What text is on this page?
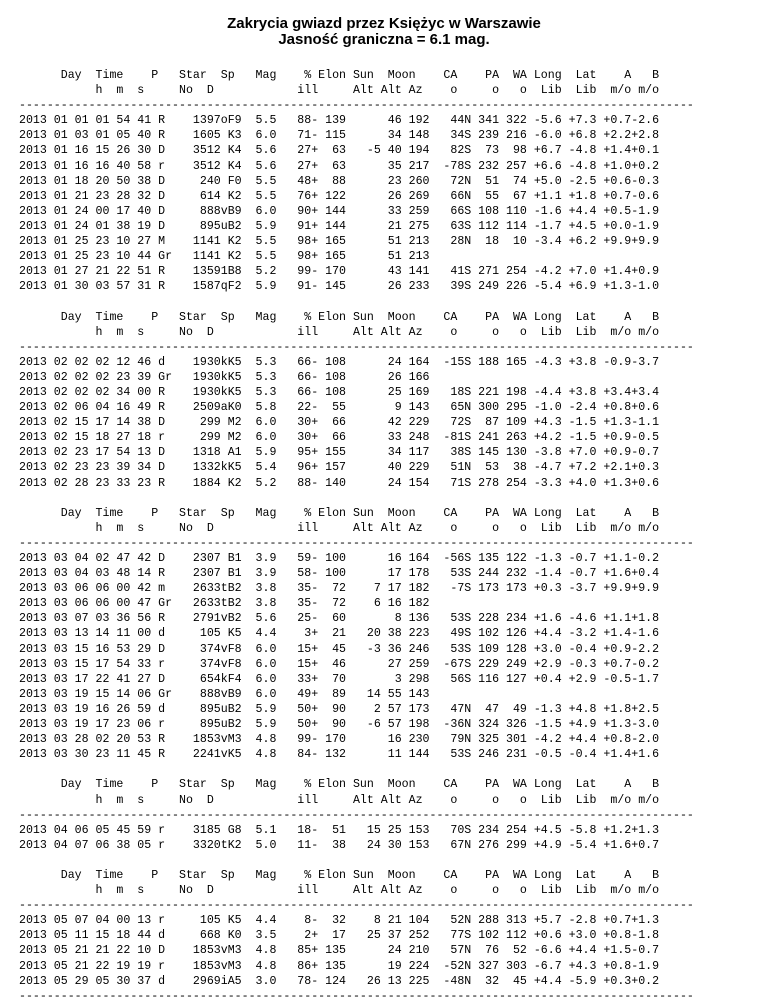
Zakrycia gwiazd przez Księżyc w Warszawie
Jasność graniczna = 6.1 mag.
Day  Time    P   Star  Sp   Mag    % Elon Sun  Moon    CA    PA  WA Long  Lat    A   B
h  m  s     No  D            ill     Alt Alt Az    o     o   o  Lib  Lib  m/o m/o
-------------------------------------------------------------------------------------------------
2013 01 01 01 54 41 R    1397oF9  5.5   88- 139      46 192   44N 341 322 -5.6 +7.3 +0.7-2.6
2013 01 03 01 05 40 R    1605 K3  6.0   71- 115      34 148   34S 239 216 -6.0 +6.8 +2.2+2.8
2013 01 16 15 26 30 D    3512 K4  5.6   27+  63   -5 40 194   82S  73  98 +6.7 -4.8 +1.4+0.1
2013 01 16 16 40 58 r    3512 K4  5.6   27+  63      35 217  -78S 232 257 +6.6 -4.8 +1.0+0.2
2013 01 18 20 50 38 D     240 F0  5.5   48+  88      23 260   72N  51  74 +5.0 -2.5 +0.6-0.3
2013 01 21 23 28 32 D     614 K2  5.5   76+ 122      26 269   66N  55  67 +1.1 +1.8 +0.7-0.6
2013 01 24 00 17 40 D     888vB9  6.0   90+ 144      33 259   66S 108 110 -1.6 +4.4 +0.5-1.9
2013 01 24 01 38 19 D     895uB2  5.9   91+ 144      21 275   63S 112 114 -1.7 +4.5 +0.0-1.9
2013 01 25 23 10 27 M    1141 K2  5.5   98+ 165      51 213   28N  18  10 -3.4 +6.2 +9.9+9.9
2013 01 25 23 10 44 Gr   1141 K2  5.5   98+ 165      51 213
2013 01 27 21 22 51 R    13591B8  5.2   99- 170      43 141   41S 271 254 -4.2 +7.0 +1.4+0.9
2013 01 30 03 57 31 R    1587qF2  5.9   91- 145      26 233   39S 249 226 -5.4 +6.9 +1.3-1.0

Day  Time    P   Star  Sp   Mag    % Elon Sun  Moon    CA    PA  WA Long  Lat    A   B
h  m  s     No  D            ill     Alt Alt Az    o     o   o  Lib  Lib  m/o m/o
-------------------------------------------------------------------------------------------------
2013 02 02 02 12 46 d    1930kK5  5.3   66- 108      24 164  -15S 188 165 -4.3 +3.8 -0.9-3.7
2013 02 02 02 23 39 Gr   1930kK5  5.3   66- 108      26 166
2013 02 02 02 34 00 R    1930kK5  5.3   66- 108      25 169   18S 221 198 -4.4 +3.8 +3.4+3.4
2013 02 06 04 16 49 R    2509aK0  5.8   22-  55       9 143   65N 300 295 -1.0 -2.4 +0.8+0.6
2013 02 15 17 14 38 D     299 M2  6.0   30+  66      42 229   72S  87 109 +4.3 -1.5 +1.3-1.1
2013 02 15 18 27 18 r     299 M2  6.0   30+  66      33 248  -81S 241 263 +4.2 -1.5 +0.9-0.5
2013 02 23 17 54 13 D    1318 A1  5.9   95+ 155      34 117   38S 145 130 -3.8 +7.0 +0.9-0.7
2013 02 23 23 39 34 D    1332kK5  5.4   96+ 157      40 229   51N  53  38 -4.7 +7.2 +2.1+0.3
2013 02 28 23 33 23 R    1884 K2  5.2   88- 140      24 154   71S 278 254 -3.3 +4.0 +1.3+0.6

Day  Time    P   Star  Sp   Mag    % Elon Sun  Moon    CA    PA  WA Long  Lat    A   B
h  m  s     No  D            ill     Alt Alt Az    o     o   o  Lib  Lib  m/o m/o
-------------------------------------------------------------------------------------------------
2013 03 04 02 47 42 D    2307 B1  3.9   59- 100      16 164  -56S 135 122 -1.3 -0.7 +1.1-0.2
2013 03 04 03 48 14 R    2307 B1  3.9   58- 100      17 178   53S 244 232 -1.4 -0.7 +1.6+0.4
2013 03 06 06 00 42 m    2633tB2  3.8   35-  72    7 17 182   -7S 173 173 +0.3 -3.7 +9.9+9.9
2013 03 06 06 00 47 Gr   2633tB2  3.8   35-  72    6 16 182
2013 03 07 03 36 56 R    2791vB2  5.6   25-  60       8 136   53S 228 234 +1.6 -4.6 +1.1+1.8
2013 03 13 14 11 00 d     105 K5  4.4    3+  21   20 38 223   49S 102 126 +4.4 -3.2 +1.4-1.6
2013 03 15 16 53 29 D     374vF8  6.0   15+  45   -3 36 246   53S 109 128 +3.0 -0.4 +0.9-2.2
2013 03 15 17 54 33 r     374vF8  6.0   15+  46      27 259  -67S 229 249 +2.9 -0.3 +0.7-0.2
2013 03 17 22 41 27 D     654kF4  6.0   33+  70       3 298   56S 116 127 +0.4 +2.9 -0.5-1.7
2013 03 19 15 14 06 Gr    888vB9  6.0   49+  89   14 55 143
2013 03 19 16 26 59 d     895uB2  5.9   50+  90    2 57 173   47N  47  49 -1.3 +4.8 +1.8+2.5
2013 03 19 17 23 06 r     895uB2  5.9   50+  90   -6 57 198  -36N 324 326 -1.5 +4.9 +1.3-3.0
2013 03 28 02 20 53 R    1853vM3  4.8   99- 170      16 230   79N 325 301 -4.2 +4.4 +0.8-2.0
2013 03 30 23 11 45 R    2241vK5  4.8   84- 132      11 144   53S 246 231 -0.5 -0.4 +1.4+1.6

Day  Time    P   Star  Sp   Mag    % Elon Sun  Moon    CA    PA  WA Long  Lat    A   B
h  m  s     No  D            ill     Alt Alt Az    o     o   o  Lib  Lib  m/o m/o
-------------------------------------------------------------------------------------------------
2013 04 06 05 45 59 r    3185 G8  5.1   18-  51   15 25 153   70S 234 254 +4.5 -5.8 +1.2+1.3
2013 04 07 06 38 05 r    3320tK2  5.0   11-  38   24 30 153   67N 276 299 +4.9 -5.4 +1.6+0.7

Day  Time    P   Star  Sp   Mag    % Elon Sun  Moon    CA    PA  WA Long  Lat    A   B
h  m  s     No  D            ill     Alt Alt Az    o     o   o  Lib  Lib  m/o m/o
-------------------------------------------------------------------------------------------------
2013 05 07 04 00 13 r     105 K5  4.4    8-  32    8 21 104   52N 288 313 +5.7 -2.8 +0.7+1.3
2013 05 11 15 18 44 d     668 K0  3.5    2+  17   25 37 252   77S 102 112 +0.6 +3.0 +0.8-1.8
2013 05 21 21 22 10 D    1853vM3  4.8   85+ 135      24 210   57N  76  52 -6.6 +4.4 +1.5-0.7
2013 05 21 22 19 19 r    1853vM3  4.8   86+ 135      19 224  -52N 327 303 -6.7 +4.3 +0.8-1.9
2013 05 29 05 30 37 d    2969iA5  3.0   78- 124   26 13 225  -48N  32  45 +4.4 -5.9 +0.3+0.2
-------------------------------------------------------------------------------------------------
